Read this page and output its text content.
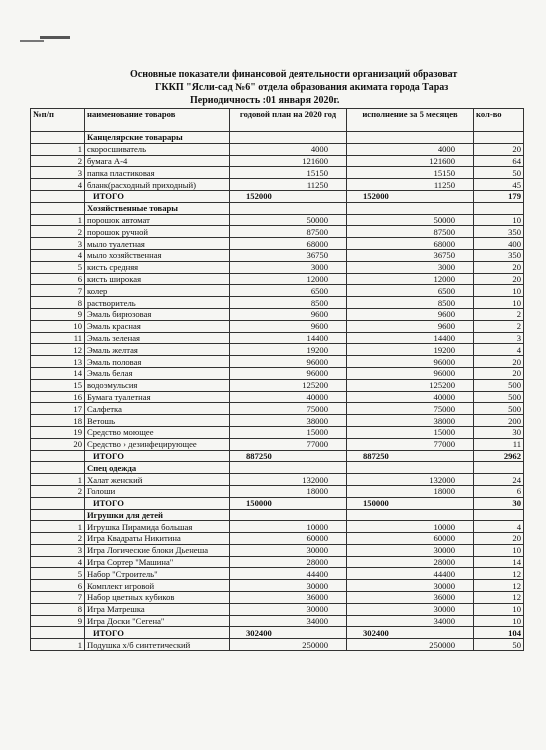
Основные показатели финансовой деятельности организаций образоват
ГККП "Ясли-сад №6" отдела образования акимата города Тараз
Периодичность :01 января 2020г.
№п/п	наименование товаров	годовой план на 2020 год	исполнение за 5 месяцев	кол-во
	Канцелярские товарары			
1	скоросшиватель	4000	4000	20
2	бумага А-4	121600	121600	64
3	папка пластиковая	15150	15150	50
4	бланк(расходный приходный)	11250	11250	45
	ИТОГО	152000	152000	179
	Хозяйственные товары			
1	порошок автомат	50000	50000	10
2	порошок ручной	87500	87500	350
3	мыло туалетная	68000	68000	400
4	мыло хозяйственная	36750	36750	350
5	кисть средняя	3000	3000	20
6	кисть широкая	12000	12000	20
7	колер	6500	6500	10
8	растворитель	8500	8500	10
9	Эмаль бирюзовая	9600	9600	2
10	Эмаль красная	9600	9600	2
11	Эмаль зеленая	14400	14400	3
12	Эмаль желтая	19200	19200	4
13	Эмаль половая	96000	96000	20
14	Эмаль белая	96000	96000	20
15	водоэмульсия	125200	125200	500
16	Бумага туалетная	40000	40000	500
17	Салфетка	75000	75000	500
18	Ветошь	38000	38000	200
19	Средство моющее	15000	15000	30
20	Средство › дезинфецирующее	77000	77000	11
	ИТОГО	887250	887250	2962
	Спец одежда			
1	Халат женский	132000	132000	24
2	Голоши	18000	18000	6
	ИТОГО	150000	150000	30
	Игрушки для детей			
1	Игрушка Пирамида большая	10000	10000	4
2	Игра Квадраты Никитина	60000	60000	20
3	Игра Логические блоки Дьенеша	30000	30000	10
4	Игра Сортер "Машина"	28000	28000	14
5	Набор "Строитель"	44400	44400	12
6	Комплект игровой	30000	30000	12
7	Набор цветных кубиков	36000	36000	12
8	Игра Матрешка	30000	30000	10
9	Игра Доски "Сегена"	34000	34000	10
	ИТОГО	302400	302400	104
1	Подушка х/б синтетический	250000	250000	50
